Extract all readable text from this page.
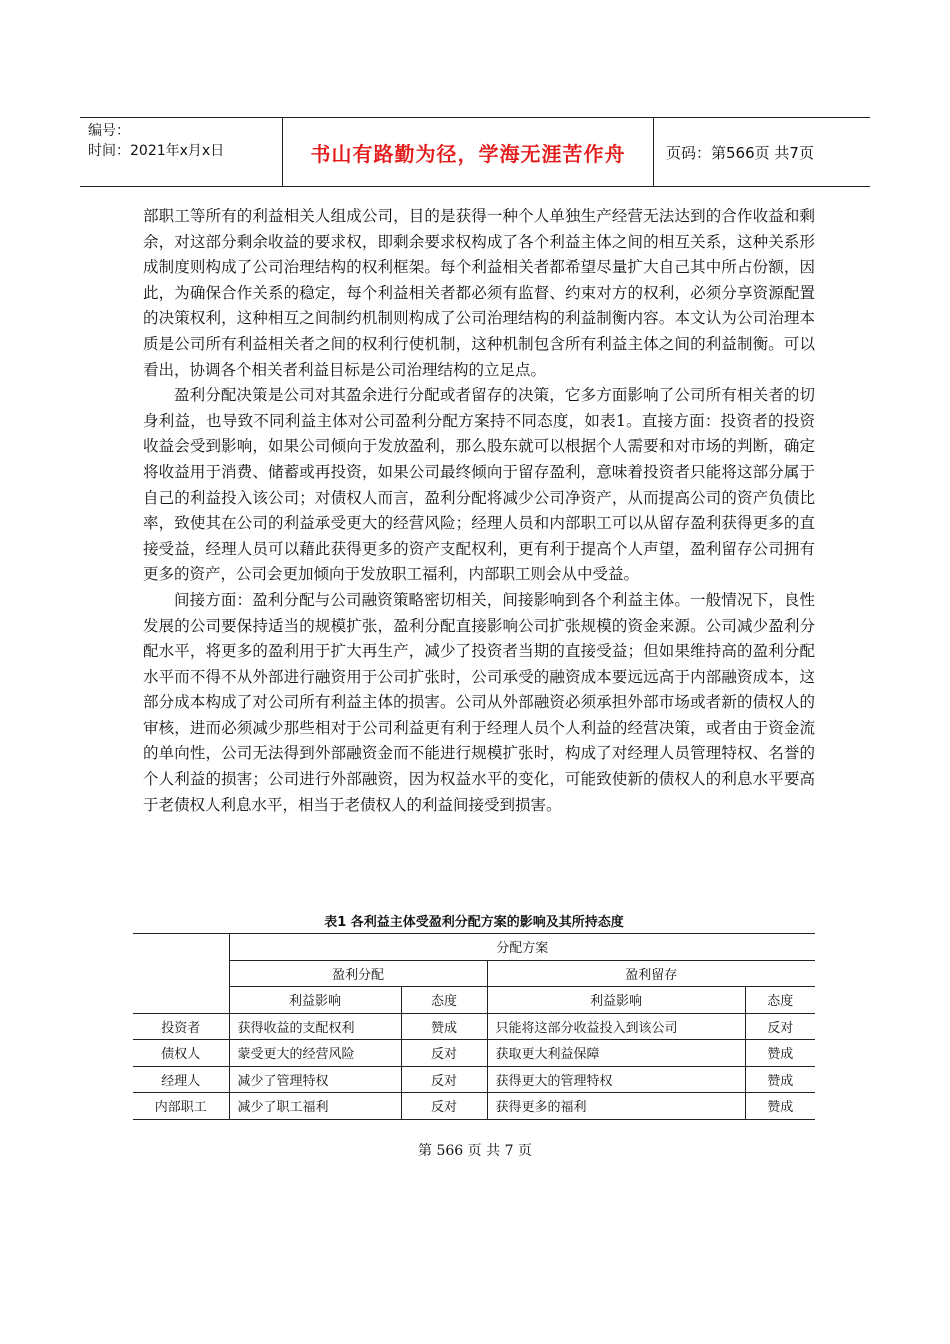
编号：
时间：2021年x月x日	书山有路勤为径，学海无涯苦作舟	页码：第566页 共7页

部职工等所有的利益相关人组成公司，目的是获得一种个人单独生产经营无法达到的合作收益和剩余，对这部分剩余收益的要求权，即剩余要求权构成了各个利益主体之间的相互关系，这种关系形成制度则构成了公司治理结构的权利框架。每个利益相关者都希望尽量扩大自己其中所占份额，因此，为确保合作关系的稳定，每个利益相关者都必须有监督、约束对方的权利，必须分享资源配置的决策权利，这种相互之间制约机制则构成了公司治理结构的利益制衡内容。本文认为公司治理本质是公司所有利益相关者之间的权利行使机制，这种机制包含所有利益主体之间的利益制衡。可以看出，协调各个相关者利益目标是公司治理结构的立足点。

盈利分配决策是公司对其盈余进行分配或者留存的决策，它多方面影响了公司所有相关者的切身利益，也导致不同利益主体对公司盈利分配方案持不同态度，如表1。直接方面：投资者的投资收益会受到影响，如果公司倾向于发放盈利，那么股东就可以根据个人需要和对市场的判断，确定将收益用于消费、储蓄或再投资，如果公司最终倾向于留存盈利，意味着投资者只能将这部分属于自己的利益投入该公司；对债权人而言，盈利分配将减少公司净资产，从而提高公司的资产负债比率，致使其在公司的利益承受更大的经营风险；经理人员和内部职工可以从留存盈利获得更多的直接受益，经理人员可以藉此获得更多的资产支配权利，更有利于提高个人声望，盈利留存公司拥有更多的资产，公司会更加倾向于发放职工福利，内部职工则会从中受益。

间接方面：盈利分配与公司融资策略密切相关，间接影响到各个利益主体。一般情况下，良性发展的公司要保持适当的规模扩张，盈利分配直接影响公司扩张规模的资金来源。公司减少盈利分配水平，将更多的盈利用于扩大再生产，减少了投资者当期的直接受益；但如果维持高的盈利分配水平而不得不从外部进行融资用于公司扩张时，公司承受的融资成本要远远高于内部融资成本，这部分成本构成了对公司所有利益主体的损害。公司从外部融资必须承担外部市场或者新的债权人的审核，进而必须减少那些相对于公司利益更有利于经理人员个人利益的经营决策，或者由于资金流的单向性，公司无法得到外部融资金而不能进行规模扩张时，构成了对经理人员管理特权、名誉的个人利益的损害；公司进行外部融资，因为权益水平的变化，可能致使新的债权人的利息水平要高于老债权人利息水平，相当于老债权人的利益间接受到损害。

表1 各利益主体受盈利分配方案的影响及其所持态度
	分配方案			
	盈利分配		盈利留存	
	利益影响	态度	利益影响	态度
投资者	获得收益的支配权利	赞成	只能将这部分收益投入到该公司	反对
债权人	蒙受更大的经营风险	反对	获取更大利益保障	赞成
经理人	减少了管理特权	反对	获得更大的管理特权	赞成
内部职工	减少了职工福利	反对	获得更多的福利	赞成
第 566 页 共 7 页
